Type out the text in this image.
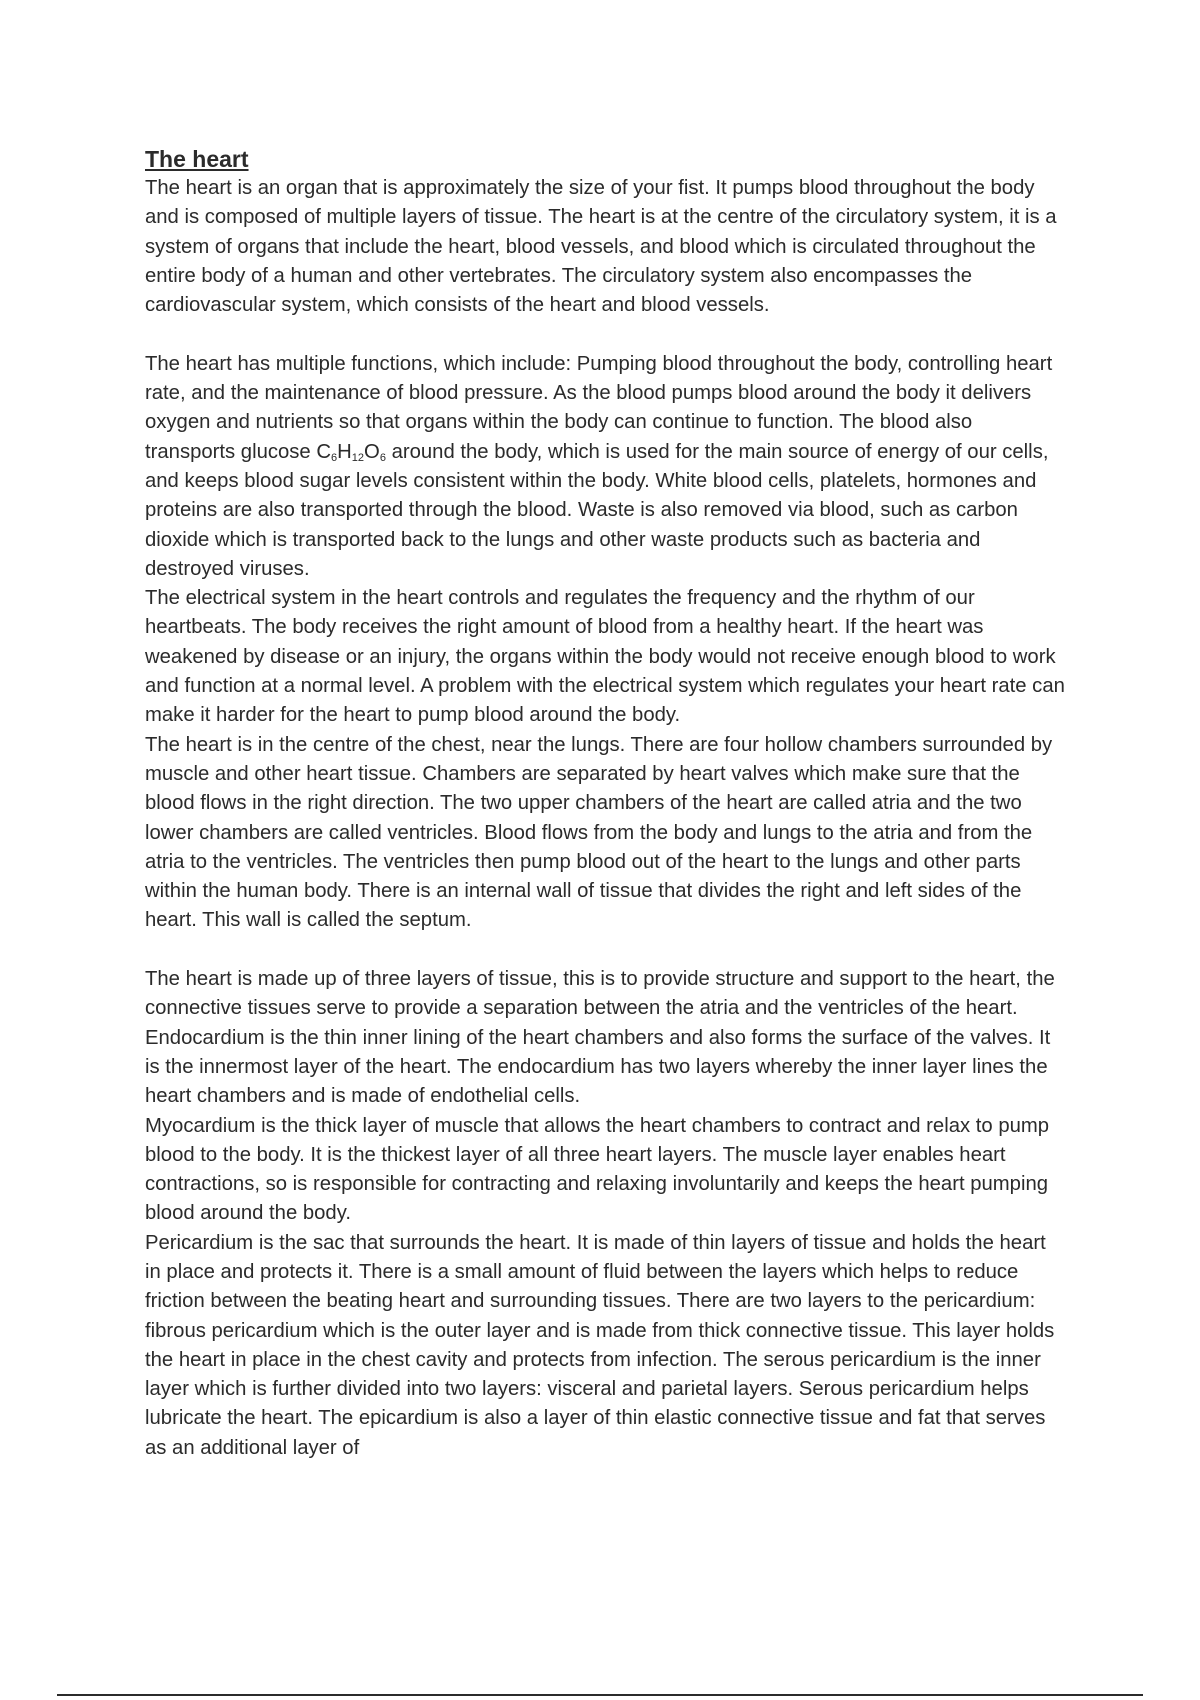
The heart

The heart is an organ that is approximately the size of your fist. It pumps blood throughout the body and is composed of multiple layers of tissue. The heart is at the centre of the circulatory system, it is a system of organs that include the heart, blood vessels, and blood which is circulated throughout the entire body of a human and other vertebrates. The circulatory system also encompasses the cardiovascular system, which consists of the heart and blood vessels.

The heart has multiple functions, which include: Pumping blood throughout the body, controlling heart rate, and the maintenance of blood pressure. As the blood pumps blood around the body it delivers oxygen and nutrients so that organs within the body can continue to function. The blood also transports glucose $C_6H_{12}O_6$ around the body, which is used for the main source of energy of our cells, and keeps blood sugar levels consistent within the body. White blood cells, platelets, hormones and proteins are also transported through the blood. Waste is also removed via blood, such as carbon dioxide which is transported back to the lungs and other waste products such as bacteria and destroyed viruses.

The electrical system in the heart controls and regulates the frequency and the rhythm of our heartbeats. The body receives the right amount of blood from a healthy heart. If the heart was weakened by disease or an injury, the organs within the body would not receive enough blood to work and function at a normal level. A problem with the electrical system which regulates your heart rate can make it harder for the heart to pump blood around the body.

The heart is in the centre of the chest, near the lungs. There are four hollow chambers surrounded by muscle and other heart tissue. Chambers are separated by heart valves which make sure that the blood flows in the right direction. The two upper chambers of the heart are called atria and the two lower chambers are called ventricles. Blood flows from the body and lungs to the atria and from the atria to the ventricles. The ventricles then pump blood out of the heart to the lungs and other parts within the human body. There is an internal wall of tissue that divides the right and left sides of the heart. This wall is called the septum.

The heart is made up of three layers of tissue, this is to provide structure and support to the heart, the connective tissues serve to provide a separation between the atria and the ventricles of the heart.

Endocardium is the thin inner lining of the heart chambers and also forms the surface of the valves. It is the innermost layer of the heart. The endocardium has two layers whereby the inner layer lines the heart chambers and is made of endothelial cells.

Myocardium is the thick layer of muscle that allows the heart chambers to contract and relax to pump blood to the body. It is the thickest layer of all three heart layers. The muscle layer enables heart contractions, so is responsible for contracting and relaxing involuntarily and keeps the heart pumping blood around the body.

Pericardium is the sac that surrounds the heart. It is made of thin layers of tissue and holds the heart in place and protects it. There is a small amount of fluid between the layers which helps to reduce friction between the beating heart and surrounding tissues. There are two layers to the pericardium: fibrous pericardium which is the outer layer and is made from thick connective tissue. This layer holds the heart in place in the chest cavity and protects from infection. The serous pericardium is the inner layer which is further divided into two layers: visceral and parietal layers. Serous pericardium helps lubricate the heart. The epicardium is also a layer of thin elastic connective tissue and fat that serves as an additional layer of
